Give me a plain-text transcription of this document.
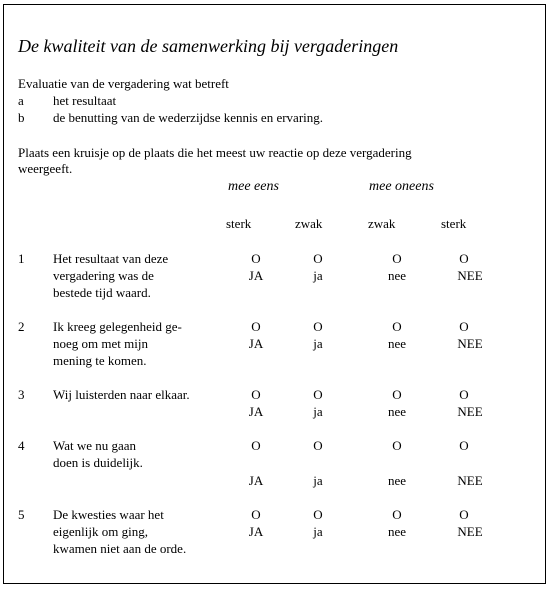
De kwaliteit van de samenwerking bij vergaderingen
Evaluatie van de vergadering wat betreft
a het resultaat
b de benutting van de wederzijdse kennis en ervaring.
Plaats een kruisje op de plaats die het meest uw reactie op deze vergadering
weergeeft.
mee eens	mee oneens
sterk	zwak	zwak	sterk
1 Het resultaat van deze
vergadering was de
bestede tijd waard.
O	O	O	O
JA	ja	nee	NEE
2 Ik kreeg gelegenheid ge-
noeg om met mijn
mening te komen.
O	O	O	O
JA	ja	nee	NEE
3 Wij luisterden naar elkaar.	O	O	O	O
JA	ja	nee	NEE
4 Wat we nu gaan
doen is duidelijk.
O	O	O	O
JA	ja	nee	NEE
5 De kwesties waar het
eigenlijk om ging,
kwamen niet aan de orde.
O	O	O	O
JA	ja	nee	NEE
